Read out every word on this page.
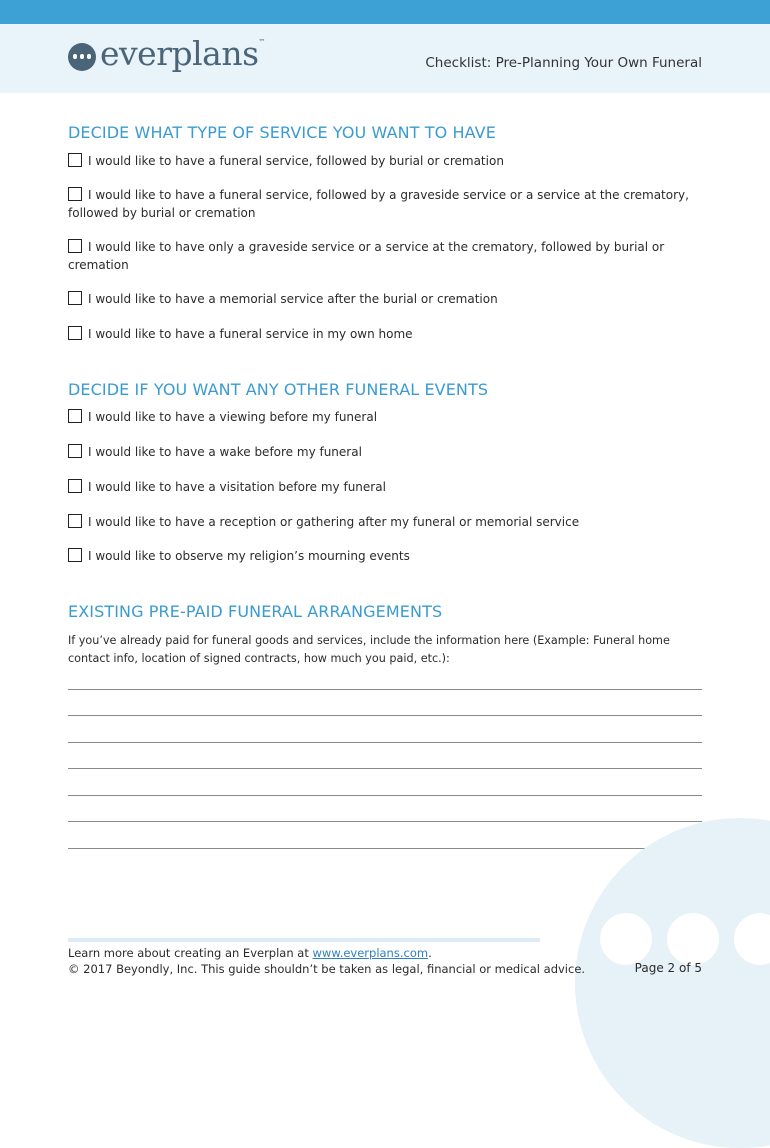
everplans™
Checklist: Pre-Planning Your Own Funeral
DECIDE WHAT TYPE OF SERVICE YOU WANT TO HAVE
I would like to have a funeral service, followed by burial or cremation
I would like to have a funeral service, followed by a graveside service or a service at the crematory, followed by burial or cremation
I would like to have only a graveside service or a service at the crematory, followed by burial or cremation
I would like to have a memorial service after the burial or cremation
I would like to have a funeral service in my own home
DECIDE IF YOU WANT ANY OTHER FUNERAL EVENTS
I would like to have a viewing before my funeral
I would like to have a wake before my funeral
I would like to have a visitation before my funeral
I would like to have a reception or gathering after my funeral or memorial service
I would like to observe my religion’s mourning events
EXISTING PRE-PAID FUNERAL ARRANGEMENTS
If you’ve already paid for funeral goods and services, include the information here (Example: Funeral home contact info, location of signed contracts, how much you paid, etc.):
Learn more about creating an Everplan at www.everplans.com.
© 2017 Beyondly, Inc. This guide shouldn’t be taken as legal, financial or medical advice.	Page 2 of 5
